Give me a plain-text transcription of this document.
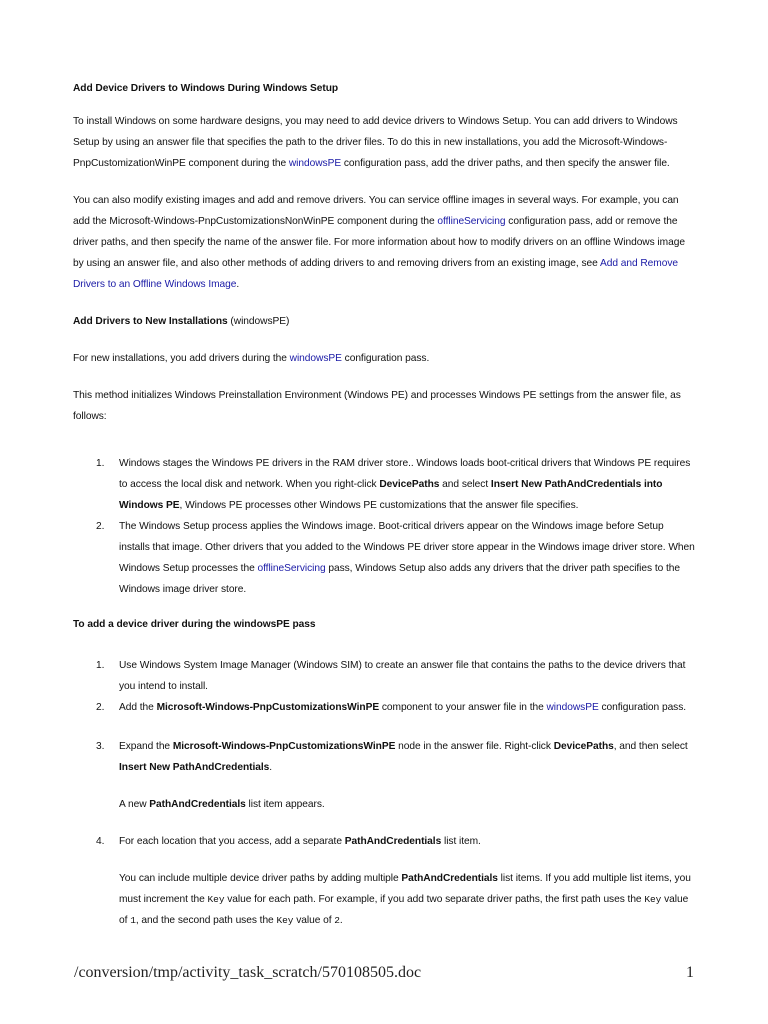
Add Device Drivers to Windows During Windows Setup
To install Windows on some hardware designs, you may need to add device drivers to Windows Setup. You can add drivers to Windows Setup by using an answer file that specifies the path to the driver files. To do this in new installations, you add the Microsoft-Windows-PnpCustomizationWinPE component during the windowsPE configuration pass, add the driver paths, and then specify the answer file.
You can also modify existing images and add and remove drivers. You can service offline images in several ways. For example, you can add the Microsoft-Windows-PnpCustomizationsNonWinPE component during the offlineServicing configuration pass, add or remove the driver paths, and then specify the name of the answer file. For more information about how to modify drivers on an offline Windows image by using an answer file, and also other methods of adding drivers to and removing drivers from an existing image, see Add and Remove Drivers to an Offline Windows Image.
Add Drivers to New Installations (windowsPE)
For new installations, you add drivers during the windowsPE configuration pass.
This method initializes Windows Preinstallation Environment (Windows PE) and processes Windows PE settings from the answer file, as follows:
1. Windows stages the Windows PE drivers in the RAM driver store.. Windows loads boot-critical drivers that Windows PE requires to access the local disk and network. When you right-click DevicePaths and select Insert New PathAndCredentials into Windows PE, Windows PE processes other Windows PE customizations that the answer file specifies.
2. The Windows Setup process applies the Windows image. Boot-critical drivers appear on the Windows image before Setup installs that image. Other drivers that you added to the Windows PE driver store appear in the Windows image driver store. When Windows Setup processes the offlineServicing pass, Windows Setup also adds any drivers that the driver path specifies to the Windows image driver store.
To add a device driver during the windowsPE pass
1. Use Windows System Image Manager (Windows SIM) to create an answer file that contains the paths to the device drivers that you intend to install.
2. Add the Microsoft-Windows-PnpCustomizationsWinPE component to your answer file in the windowsPE configuration pass.
3. Expand the Microsoft-Windows-PnpCustomizationsWinPE node in the answer file. Right-click DevicePaths, and then select Insert New PathAndCredentials.
A new PathAndCredentials list item appears.
4. For each location that you access, add a separate PathAndCredentials list item.
You can include multiple device driver paths by adding multiple PathAndCredentials list items. If you add multiple list items, you must increment the Key value for each path. For example, if you add two separate driver paths, the first path uses the Key value of 1, and the second path uses the Key value of 2.
/conversion/tmp/activity_task_scratch/570108505.doc	1
